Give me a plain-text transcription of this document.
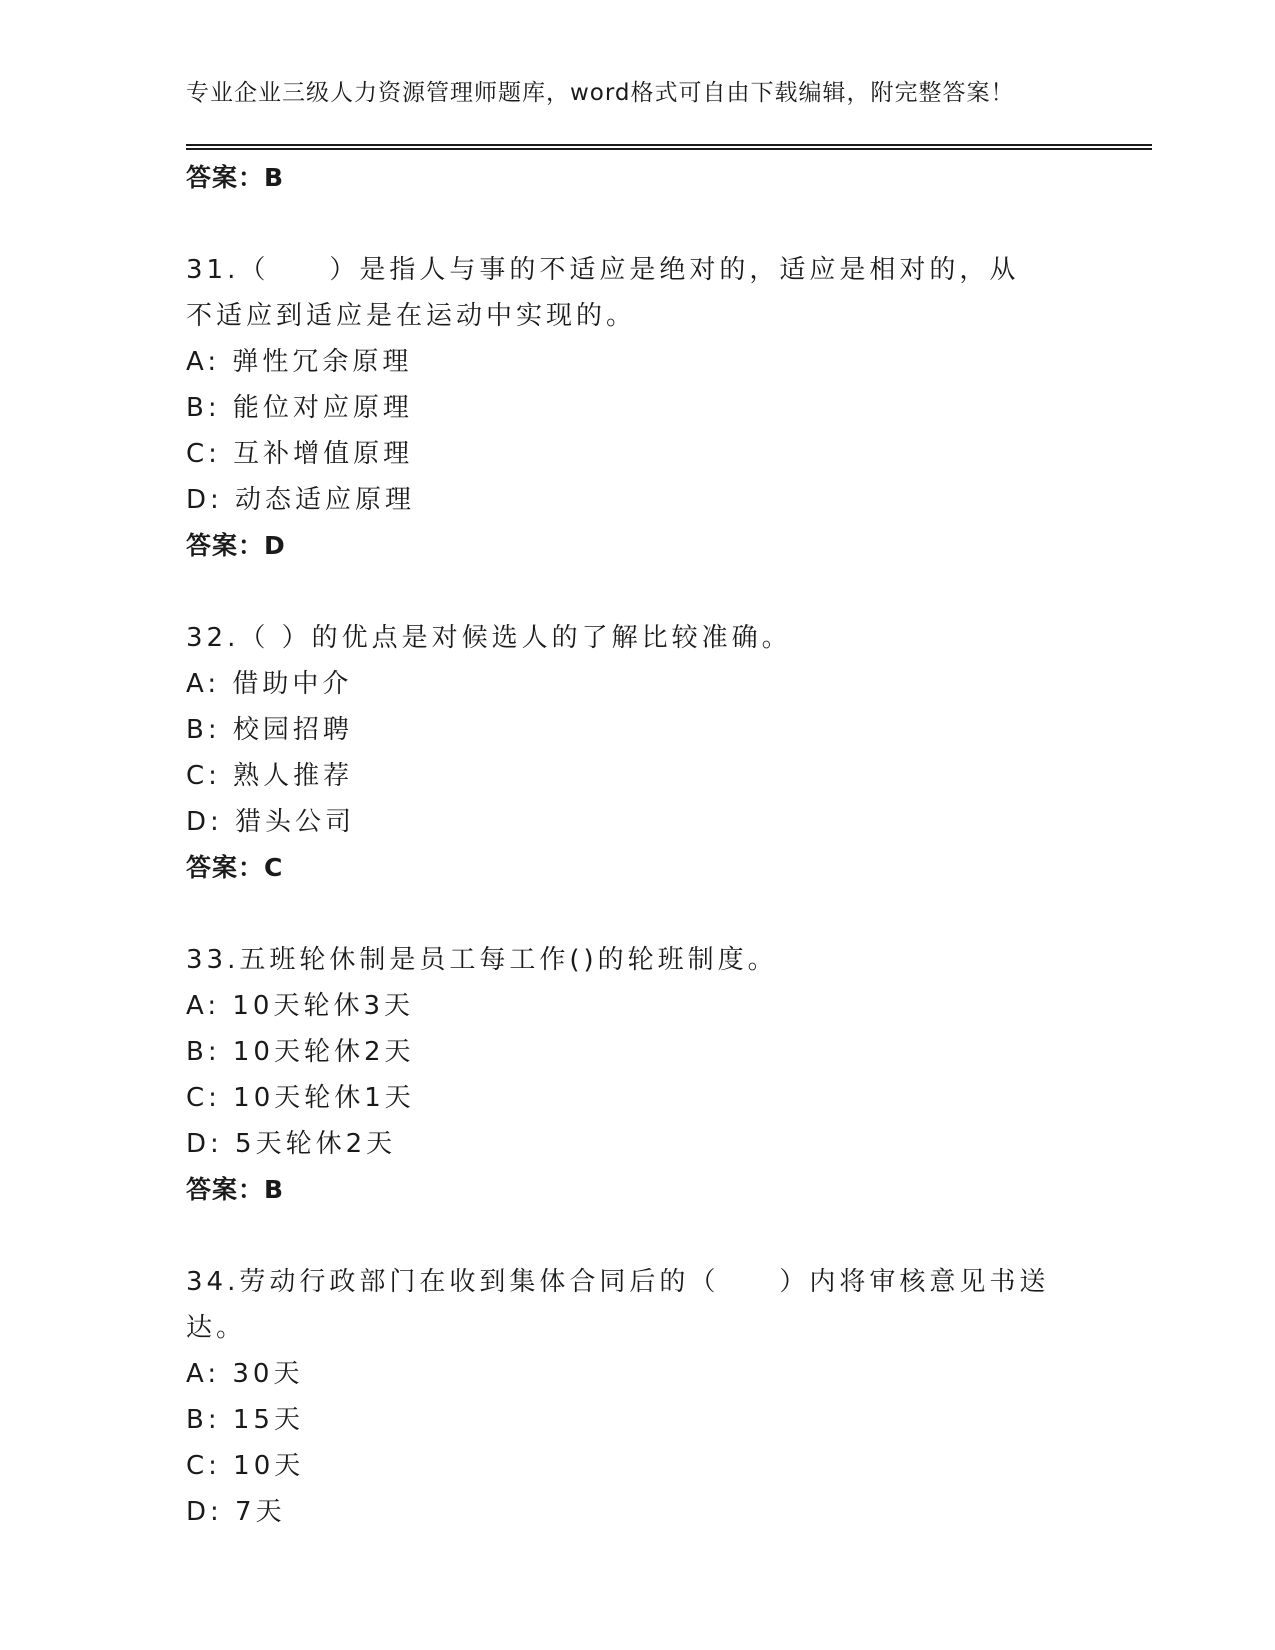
专业企业三级人力资源管理师题库，word格式可自由下载编辑，附完整答案！
答案：B
31.（　　）是指人与事的不适应是绝对的，适应是相对的，从不适应到适应是在运动中实现的。
A: 弹性冗余原理
B: 能位对应原理
C: 互补增值原理
D: 动态适应原理
答案：D
32.（ ）的优点是对候选人的了解比较准确。
A: 借助中介
B: 校园招聘
C: 熟人推荐
D: 猎头公司
答案：C
33.五班轮休制是员工每工作()的轮班制度。
A: 10天轮休3天
B: 10天轮休2天
C: 10天轮休1天
D: 5天轮休2天
答案：B
34.劳动行政部门在收到集体合同后的（　　）内将审核意见书送达。
A: 30天
B: 15天
C: 10天
D: 7天
